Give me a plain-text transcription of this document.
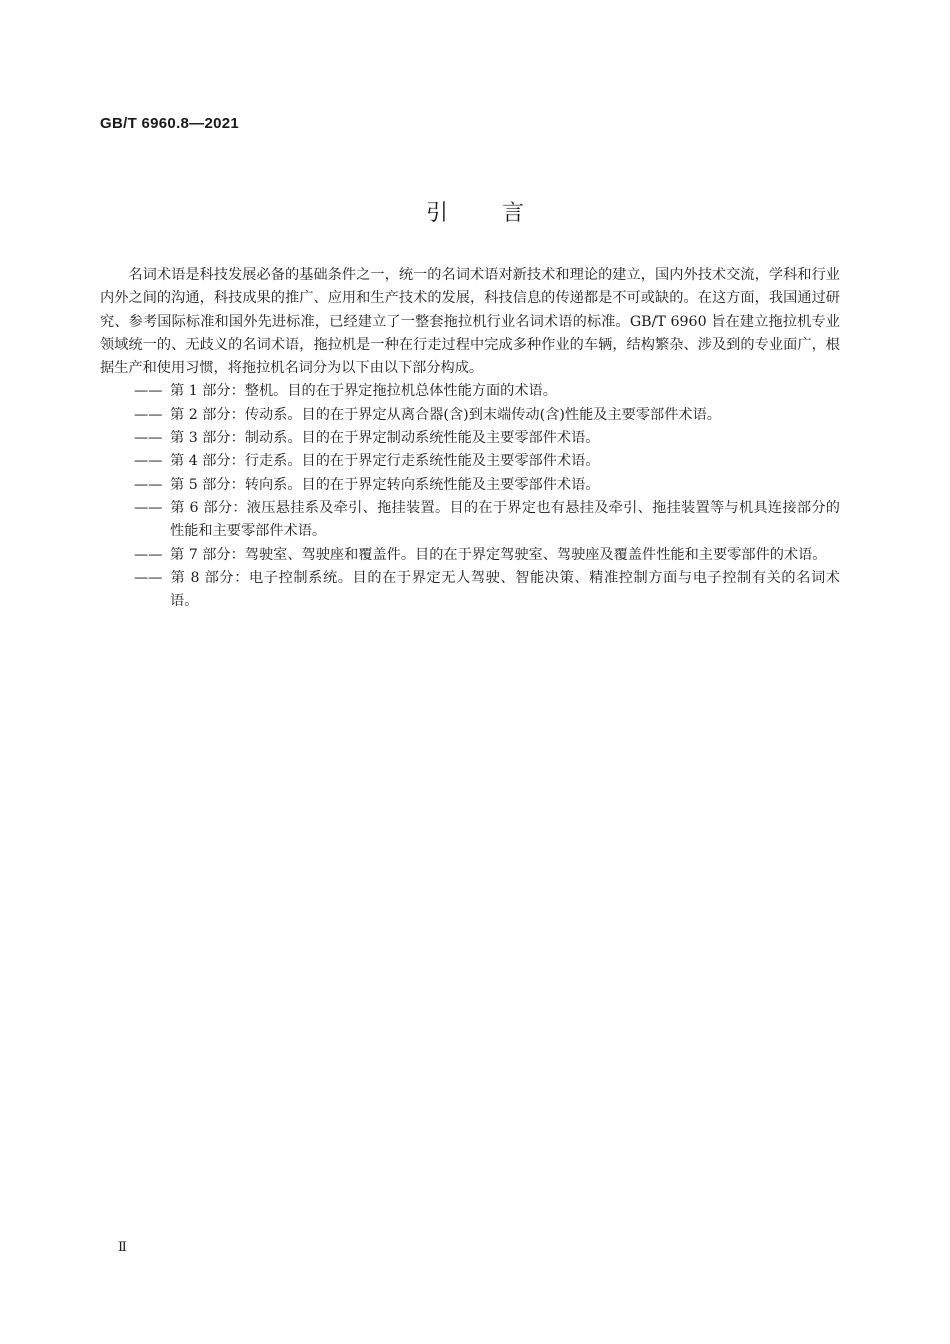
GB/T 6960.8—2021
引言

名词术语是科技发展必备的基础条件之一，统一的名词术语对新技术和理论的建立，国内外技术交流，学科和行业内外之间的沟通，科技成果的推广、应用和生产技术的发展，科技信息的传递都是不可或缺的。在这方面，我国通过研究、参考国际标准和国外先进标准，已经建立了一整套拖拉机行业名词术语的标准。GB/T 6960 旨在建立拖拉机专业领域统一的、无歧义的名词术语，拖拉机是一种在行走过程中完成多种作业的车辆，结构繁杂、涉及到的专业面广，根据生产和使用习惯，将拖拉机名词分为以下由以下部分构成。

—— 第 1 部分：整机。目的在于界定拖拉机总体性能方面的术语。
—— 第 2 部分：传动系。目的在于界定从离合器(含)到末端传动(含)性能及主要零部件术语。
—— 第 3 部分：制动系。目的在于界定制动系统性能及主要零部件术语。
—— 第 4 部分：行走系。目的在于界定行走系统性能及主要零部件术语。
—— 第 5 部分：转向系。目的在于界定转向系统性能及主要零部件术语。
—— 第 6 部分：液压悬挂系及牵引、拖挂装置。目的在于界定也有悬挂及牵引、拖挂装置等与机具连接部分的性能和主要零部件术语。
—— 第 7 部分：驾驶室、驾驶座和覆盖件。目的在于界定驾驶室、驾驶座及覆盖件性能和主要零部件的术语。
—— 第 8 部分：电子控制系统。目的在于界定无人驾驶、智能决策、精准控制方面与电子控制有关的名词术语。
Ⅱ
